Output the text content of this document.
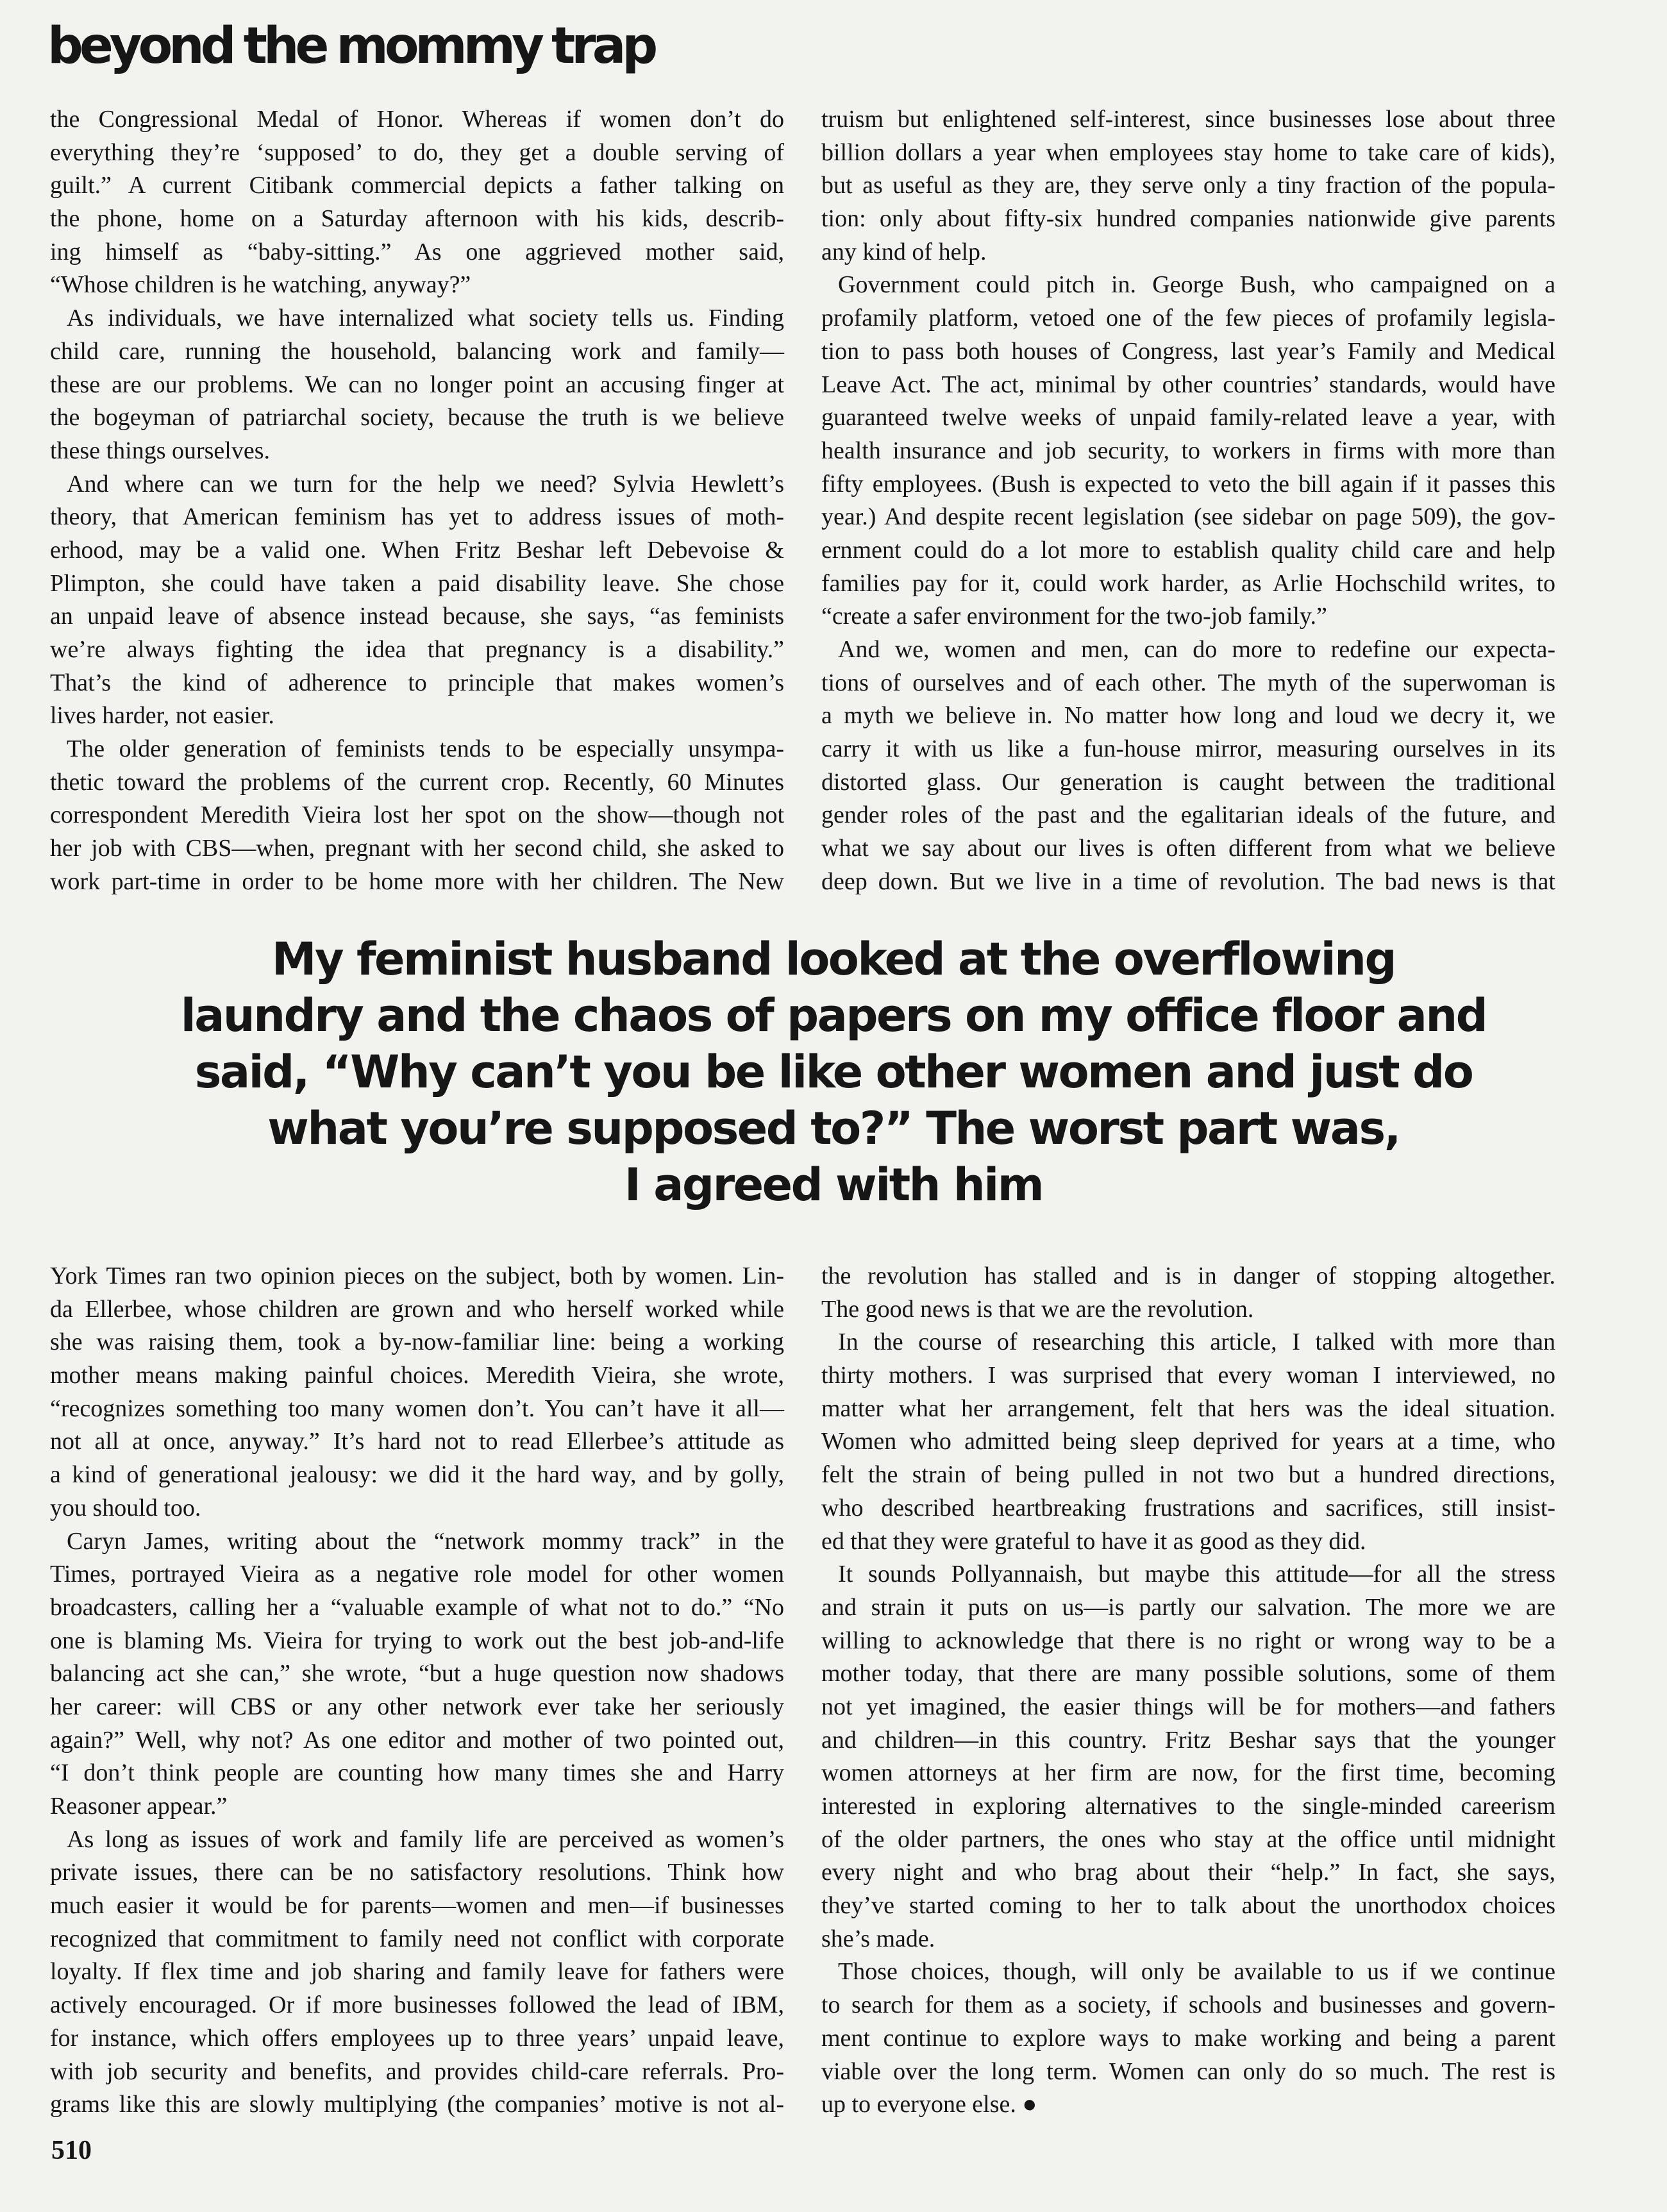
beyond the mommy trap
the Congressional Medal of Honor. Whereas if women don’t do
everything they’re ‘supposed’ to do, they get a double serving of
guilt.” A current Citibank commercial depicts a father talking on
the phone, home on a Saturday afternoon with his kids, describ-
ing himself as “baby-sitting.” As one aggrieved mother said,
“Whose children is he watching, anyway?”
As individuals, we have internalized what society tells us. Finding
child care, running the household, balancing work and family—
these are our problems. We can no longer point an accusing finger at
the bogeyman of patriarchal society, because the truth is we believe
these things ourselves.
And where can we turn for the help we need? Sylvia Hewlett’s
theory, that American feminism has yet to address issues of moth-
erhood, may be a valid one. When Fritz Beshar left Debevoise &
Plimpton, she could have taken a paid disability leave. She chose
an unpaid leave of absence instead because, she says, “as feminists
we’re always fighting the idea that pregnancy is a disability.”
That’s the kind of adherence to principle that makes women’s
lives harder, not easier.
The older generation of feminists tends to be especially unsympa-
thetic toward the problems of the current crop. Recently, 60 Minutes
correspondent Meredith Vieira lost her spot on the show—though not
her job with CBS—when, pregnant with her second child, she asked to
work part-time in order to be home more with her children. The New
truism but enlightened self-interest, since businesses lose about three
billion dollars a year when employees stay home to take care of kids),
but as useful as they are, they serve only a tiny fraction of the popula-
tion: only about fifty-six hundred companies nationwide give parents
any kind of help.
Government could pitch in. George Bush, who campaigned on a
profamily platform, vetoed one of the few pieces of profamily legisla-
tion to pass both houses of Congress, last year’s Family and Medical
Leave Act. The act, minimal by other countries’ standards, would have
guaranteed twelve weeks of unpaid family-related leave a year, with
health insurance and job security, to workers in firms with more than
fifty employees. (Bush is expected to veto the bill again if it passes this
year.) And despite recent legislation (see sidebar on page 509), the gov-
ernment could do a lot more to establish quality child care and help
families pay for it, could work harder, as Arlie Hochschild writes, to
“create a safer environment for the two-job family.”
And we, women and men, can do more to redefine our expecta-
tions of ourselves and of each other. The myth of the superwoman is
a myth we believe in. No matter how long and loud we decry it, we
carry it with us like a fun-house mirror, measuring ourselves in its
distorted glass. Our generation is caught between the traditional
gender roles of the past and the egalitarian ideals of the future, and
what we say about our lives is often different from what we believe
deep down. But we live in a time of revolution. The bad news is that
My feminist husband looked at the overflowing
laundry and the chaos of papers on my office floor and
said, “Why can’t you be like other women and just do
what you’re supposed to?” The worst part was,
I agreed with him
York Times ran two opinion pieces on the subject, both by women. Lin-
da Ellerbee, whose children are grown and who herself worked while
she was raising them, took a by-now-familiar line: being a working
mother means making painful choices. Meredith Vieira, she wrote,
“recognizes something too many women don’t. You can’t have it all—
not all at once, anyway.” It’s hard not to read Ellerbee’s attitude as
a kind of generational jealousy: we did it the hard way, and by golly,
you should too.
Caryn James, writing about the “network mommy track” in the
Times, portrayed Vieira as a negative role model for other women
broadcasters, calling her a “valuable example of what not to do.” “No
one is blaming Ms. Vieira for trying to work out the best job-and-life
balancing act she can,” she wrote, “but a huge question now shadows
her career: will CBS or any other network ever take her seriously
again?” Well, why not? As one editor and mother of two pointed out,
“I don’t think people are counting how many times she and Harry
Reasoner appear.”
As long as issues of work and family life are perceived as women’s
private issues, there can be no satisfactory resolutions. Think how
much easier it would be for parents—women and men—if businesses
recognized that commitment to family need not conflict with corporate
loyalty. If flex time and job sharing and family leave for fathers were
actively encouraged. Or if more businesses followed the lead of IBM,
for instance, which offers employees up to three years’ unpaid leave,
with job security and benefits, and provides child-care referrals. Pro-
grams like this are slowly multiplying (the companies’ motive is not al-
the revolution has stalled and is in danger of stopping altogether.
The good news is that we are the revolution.
In the course of researching this article, I talked with more than
thirty mothers. I was surprised that every woman I interviewed, no
matter what her arrangement, felt that hers was the ideal situation.
Women who admitted being sleep deprived for years at a time, who
felt the strain of being pulled in not two but a hundred directions,
who described heartbreaking frustrations and sacrifices, still insist-
ed that they were grateful to have it as good as they did.
It sounds Pollyannaish, but maybe this attitude—for all the stress
and strain it puts on us—is partly our salvation. The more we are
willing to acknowledge that there is no right or wrong way to be a
mother today, that there are many possible solutions, some of them
not yet imagined, the easier things will be for mothers—and fathers
and children—in this country. Fritz Beshar says that the younger
women attorneys at her firm are now, for the first time, becoming
interested in exploring alternatives to the single-minded careerism
of the older partners, the ones who stay at the office until midnight
every night and who brag about their “help.” In fact, she says,
they’ve started coming to her to talk about the unorthodox choices
she’s made.
Those choices, though, will only be available to us if we continue
to search for them as a society, if schools and businesses and govern-
ment continue to explore ways to make working and being a parent
viable over the long term. Women can only do so much. The rest is
up to everyone else. ●
510
